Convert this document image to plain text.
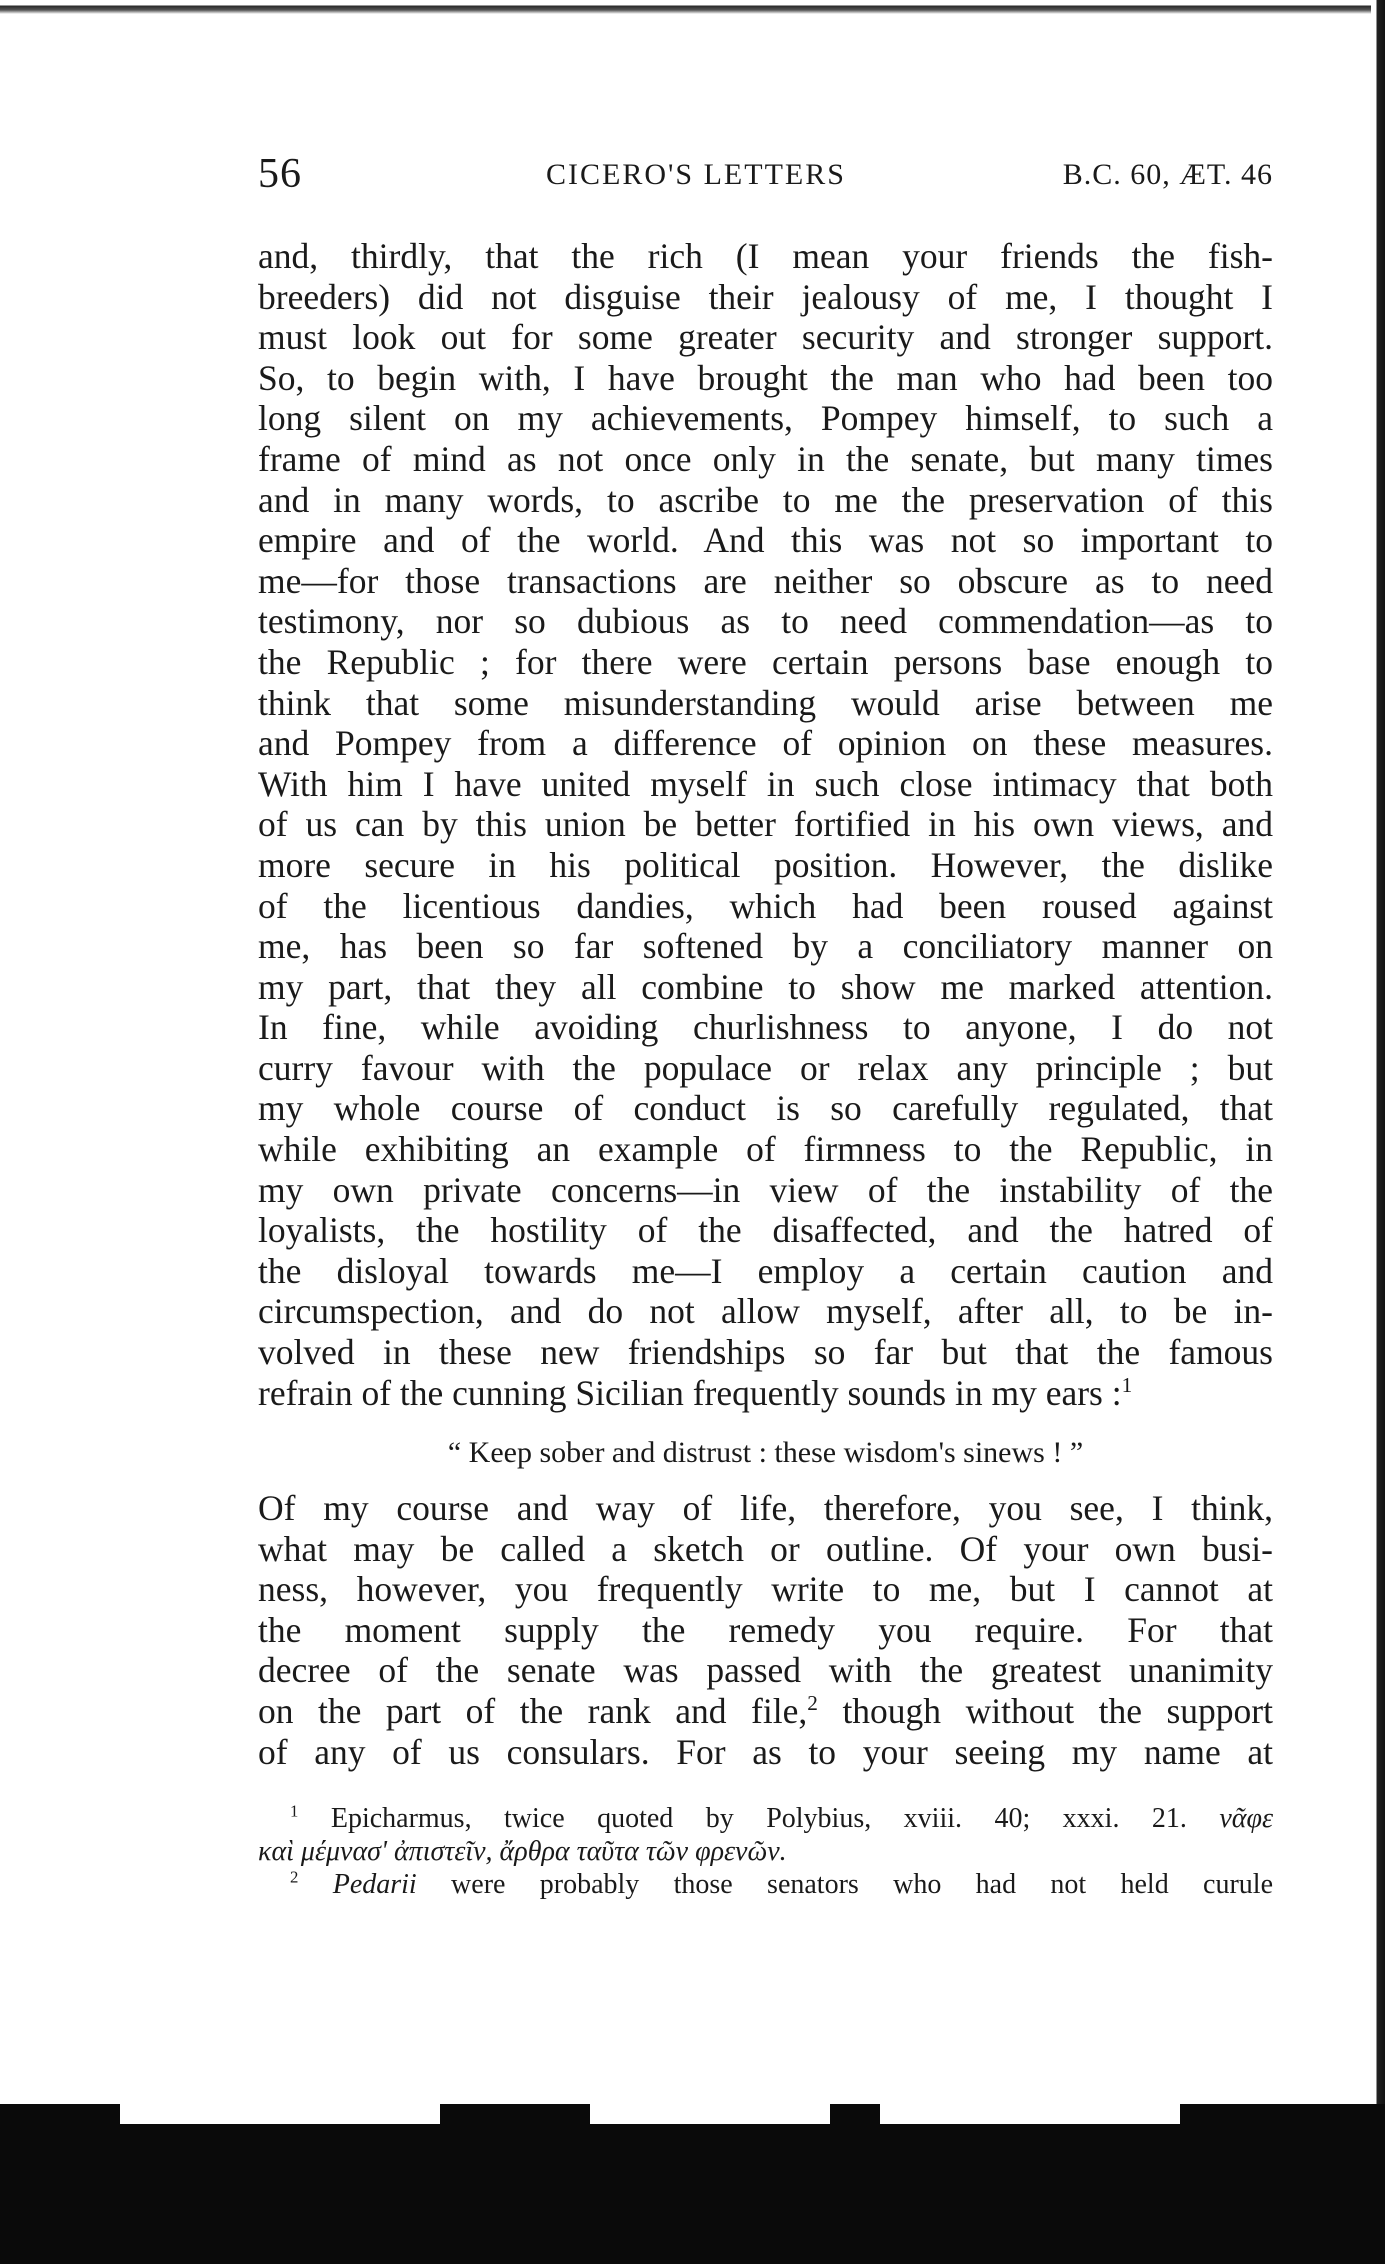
56	CICERO'S LETTERS	B.C. 60, ÆT. 46
and, thirdly, that the rich (I mean your friends the fish-
breeders) did not disguise their jealousy of me, I thought I
must look out for some greater security and stronger support.
So, to begin with, I have brought the man who had been too
long silent on my achievements, Pompey himself, to such a
frame of mind as not once only in the senate, but many times
and in many words, to ascribe to me the preservation of this
empire and of the world. And this was not so important to
me—for those transactions are neither so obscure as to need
testimony, nor so dubious as to need commendation—as to
the Republic ; for there were certain persons base enough to
think that some misunderstanding would arise between me
and Pompey from a difference of opinion on these measures.
With him I have united myself in such close intimacy that both
of us can by this union be better fortified in his own views, and
more secure in his political position. However, the dislike
of the licentious dandies, which had been roused against
me, has been so far softened by a conciliatory manner on
my part, that they all combine to show me marked attention.
In fine, while avoiding churlishness to anyone, I do not
curry favour with the populace or relax any principle ; but
my whole course of conduct is so carefully regulated, that
while exhibiting an example of firmness to the Republic, in
my own private concerns—in view of the instability of the
loyalists, the hostility of the disaffected, and the hatred of
the disloyal towards me—I employ a certain caution and
circumspection, and do not allow myself, after all, to be in-
volved in these new friendships so far but that the famous
refrain of the cunning Sicilian frequently sounds in my ears :$^1$

“ Keep sober and distrust : these wisdom's sinews ! ”

Of my course and way of life, therefore, you see, I think,
what may be called a sketch or outline. Of your own busi-
ness, however, you frequently write to me, but I cannot at
the moment supply the remedy you require. For that
decree of the senate was passed with the greatest unanimity
on the part of the rank and file,$^2$ though without the support
of any of us consulars. For as to your seeing my name at
$^1$ Epicharmus, twice quoted by Polybius, xviii. 40; xxxi. 21. νᾶφε
καὶ μέμνασ' ἀπιστεῖν, ἄρθρα ταῦτα τῶν φρενῶν.
$^2$ Pedarii were probably those senators who had not held curule
